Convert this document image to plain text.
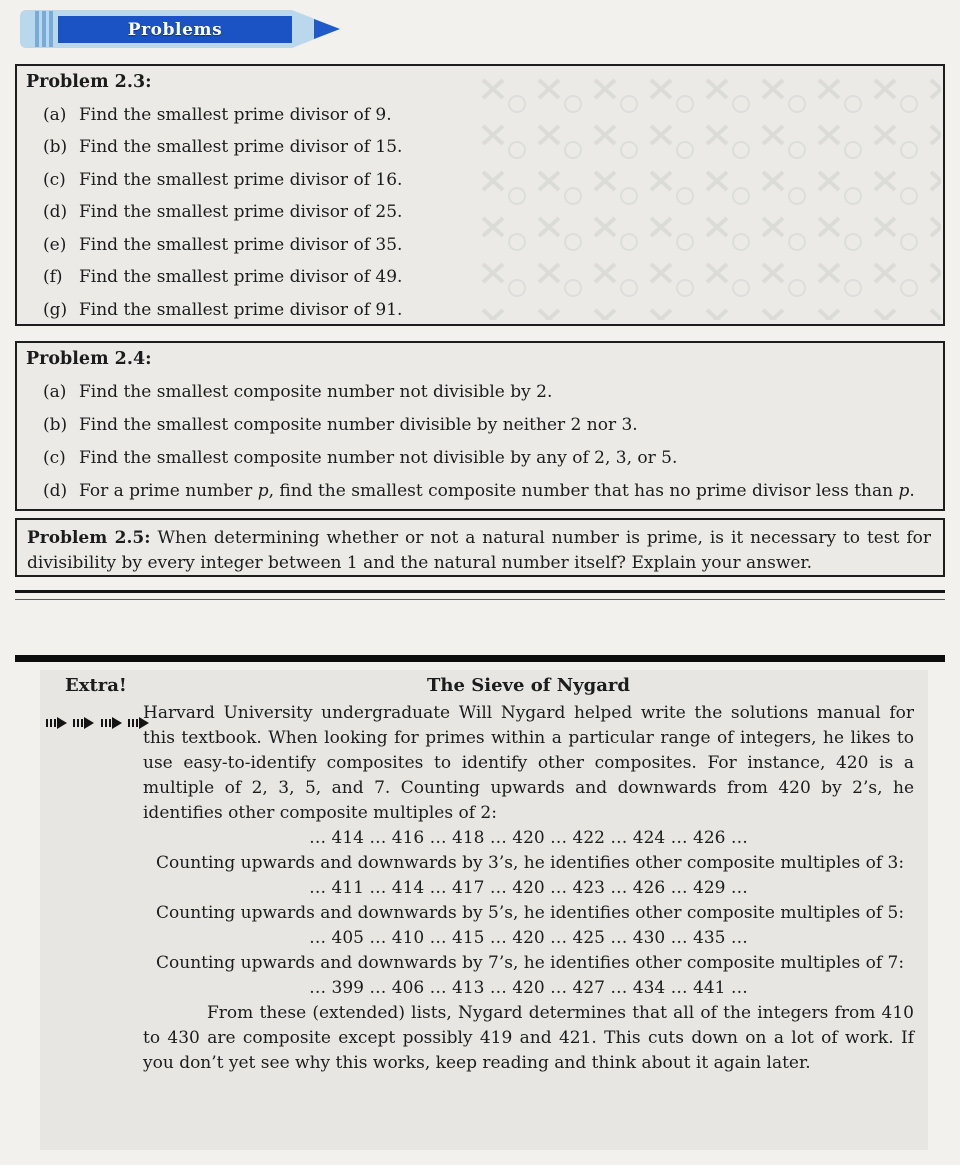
Problems
Problem 2.3:
(a) Find the smallest prime divisor of 9.
(b) Find the smallest prime divisor of 15.
(c) Find the smallest prime divisor of 16.
(d) Find the smallest prime divisor of 25.
(e) Find the smallest prime divisor of 35.
(f) Find the smallest prime divisor of 49.
(g) Find the smallest prime divisor of 91.
Problem 2.4:
(a) Find the smallest composite number not divisible by 2.
(b) Find the smallest composite number divisible by neither 2 nor 3.
(c) Find the smallest composite number not divisible by any of 2, 3, or 5.
(d) For a prime number p, find the smallest composite number that has no prime divisor less than p.

Problem 2.5: When determining whether or not a natural number is prime, is it necessary to test for divisibility by every integer between 1 and the natural number itself? Explain your answer.

Extra!	The Sieve of Nygard

Harvard University undergraduate Will Nygard helped write the solutions manual for this textbook. When looking for primes within a particular range of integers, he likes to use easy-to-identify composites to identify other composites. For instance, 420 is a multiple of 2, 3, 5, and 7. Counting upwards and downwards from 420 by 2’s, he identifies other composite multiples of 2:

… 414 … 416 … 418 … 420 … 422 … 424 … 426 …

Counting upwards and downwards by 3’s, he identifies other composite multiples of 3:

… 411 … 414 … 417 … 420 … 423 … 426 … 429 …

Counting upwards and downwards by 5’s, he identifies other composite multiples of 5:

… 405 … 410 … 415 … 420 … 425 … 430 … 435 …

Counting upwards and downwards by 7’s, he identifies other composite multiples of 7:

… 399 … 406 … 413 … 420 … 427 … 434 … 441 …

From these (extended) lists, Nygard determines that all of the integers from 410 to 430 are composite except possibly 419 and 421. This cuts down on a lot of work. If you don’t yet see why this works, keep reading and think about it again later.
